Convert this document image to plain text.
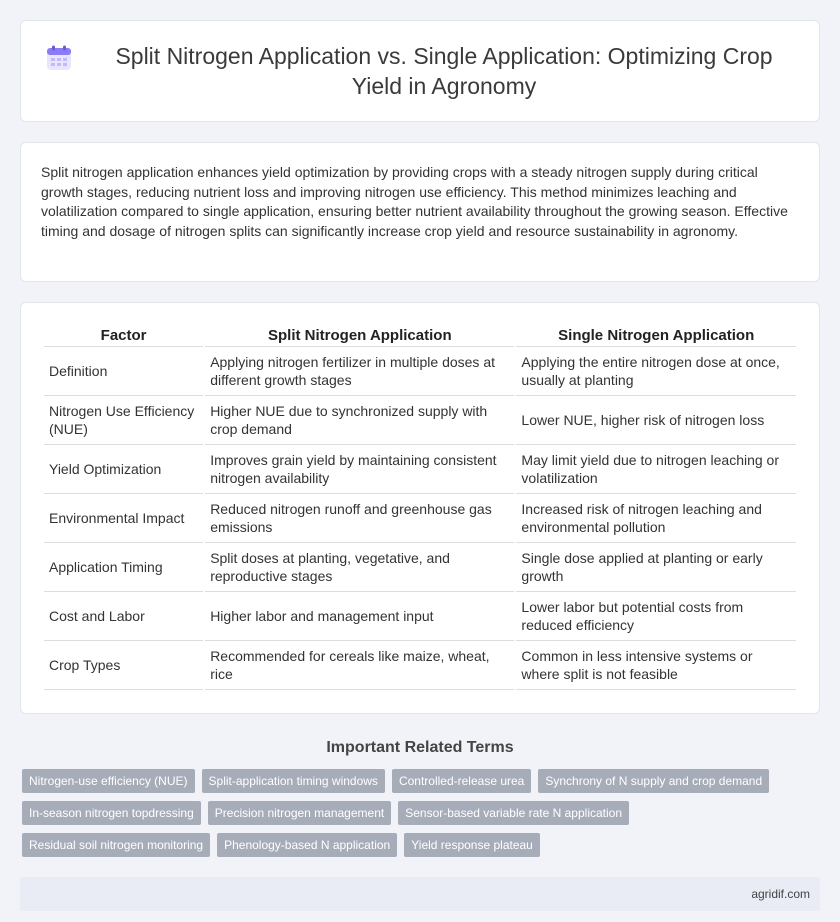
Split Nitrogen Application vs. Single Application: Optimizing Crop Yield in Agronomy

Split nitrogen application enhances yield optimization by providing crops with a steady nitrogen supply during critical growth stages, reducing nutrient loss and improving nitrogen use efficiency. This method minimizes leaching and volatilization compared to single application, ensuring better nutrient availability throughout the growing season. Effective timing and dosage of nitrogen splits can significantly increase crop yield and resource sustainability in agronomy.

Factor	Split Nitrogen Application	Single Nitrogen Application
Definition	Applying nitrogen fertilizer in multiple doses at different growth stages	Applying the entire nitrogen dose at once, usually at planting
Nitrogen Use Efficiency (NUE)	Higher NUE due to synchronized supply with crop demand	Lower NUE, higher risk of nitrogen loss
Yield Optimization	Improves grain yield by maintaining consistent nitrogen availability	May limit yield due to nitrogen leaching or volatilization
Environmental Impact	Reduced nitrogen runoff and greenhouse gas emissions	Increased risk of nitrogen leaching and environmental pollution
Application Timing	Split doses at planting, vegetative, and reproductive stages	Single dose applied at planting or early growth
Cost and Labor	Higher labor and management input	Lower labor but potential costs from reduced efficiency
Crop Types	Recommended for cereals like maize, wheat, rice	Common in less intensive systems or where split is not feasible
Important Related Terms
Nitrogen-use efficiency (NUE)	Split-application timing windows	Controlled-release urea	Synchrony of N supply and crop demand
In-season nitrogen topdressing	Precision nitrogen management	Sensor-based variable rate N application
Residual soil nitrogen monitoring	Phenology-based N application	Yield response plateau
agridif.com
